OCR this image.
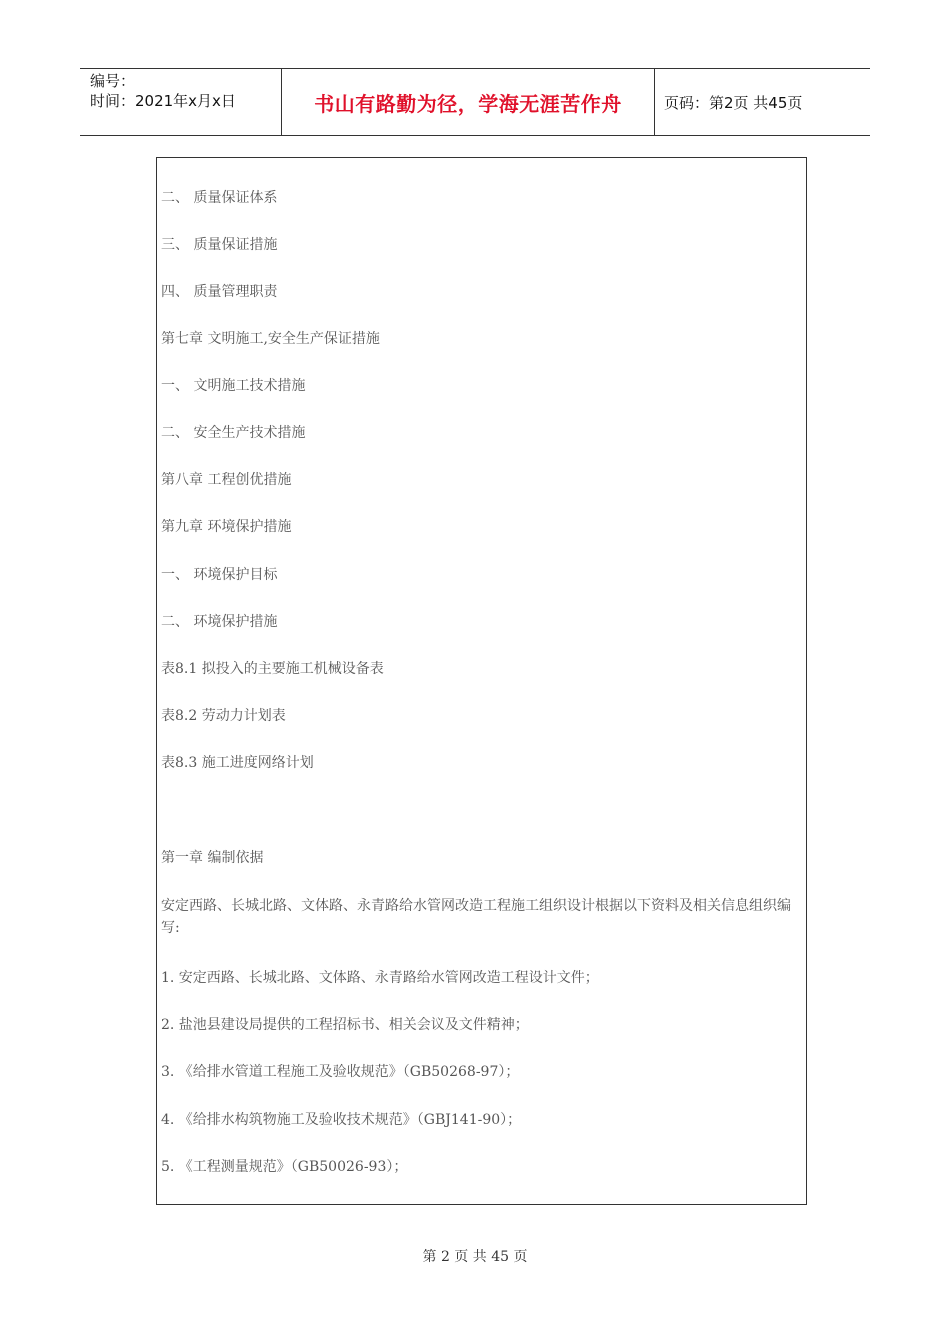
编号：
时间：2021年x月x日	书山有路勤为径，学海无涯苦作舟	页码：第2页 共45页
二、 质量保证体系
三、 质量保证措施
四、 质量管理职责
第七章 文明施工,安全生产保证措施
一、 文明施工技术措施
二、 安全生产技术措施
第八章 工程创优措施
第九章 环境保护措施
一、 环境保护目标
二、 环境保护措施
表8.1 拟投入的主要施工机械设备表
表8.2 劳动力计划表
表8.3 施工进度网络计划
第一章 编制依据
安定西路、长城北路、文体路、永青路给水管网改造工程施工组织设计根据以下资料及相关信息组织编写:
1. 安定西路、长城北路、文体路、永青路给水管网改造工程设计文件；
2. 盐池县建设局提供的工程招标书、相关会议及文件精神；
3. 《给排水管道工程施工及验收规范》（GB50268-97）；
4. 《给排水构筑物施工及验收技术规范》（GBJ141-90）；
5. 《工程测量规范》（GB50026-93）；
第 2 页 共 45 页
